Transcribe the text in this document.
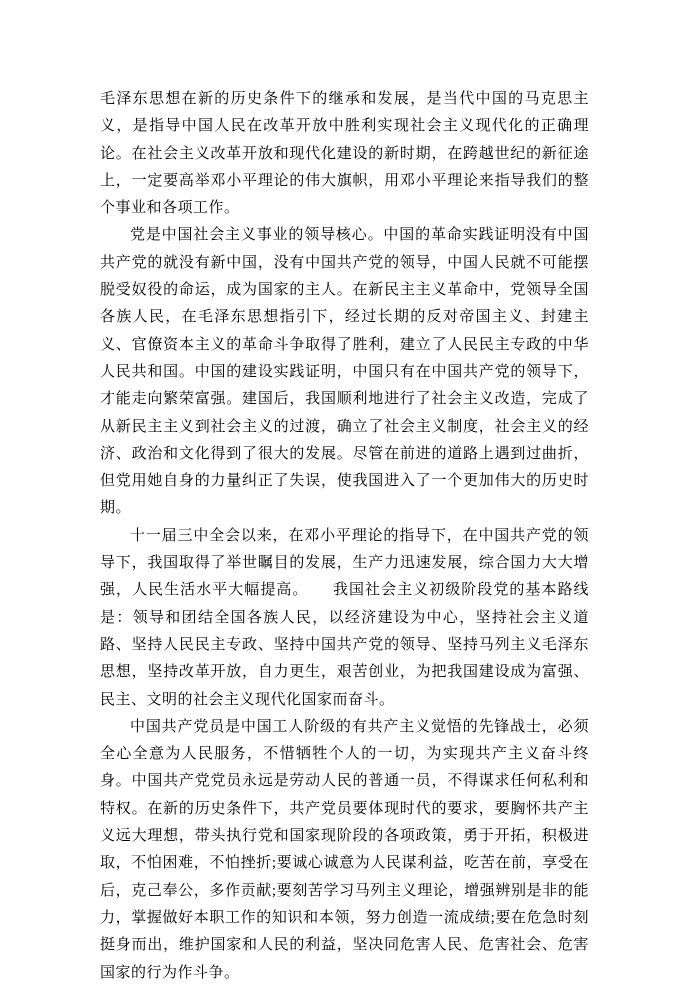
毛泽东思想在新的历史条件下的继承和发展，是当代中国的马克思主义，是指导中国人民在改革开放中胜利实现社会主义现代化的正确理论。在社会主义改革开放和现代化建设的新时期，在跨越世纪的新征途上，一定要高举邓小平理论的伟大旗帜，用邓小平理论来指导我们的整个事业和各项工作。

党是中国社会主义事业的领导核心。中国的革命实践证明没有中国共产党的就没有新中国，没有中国共产党的领导，中国人民就不可能摆脱受奴役的命运，成为国家的主人。在新民主主义革命中，党领导全国各族人民，在毛泽东思想指引下，经过长期的反对帝国主义、封建主义、官僚资本主义的革命斗争取得了胜利，建立了人民民主专政的中华人民共和国。中国的建设实践证明，中国只有在中国共产党的领导下，才能走向繁荣富强。建国后，我国顺利地进行了社会主义改造，完成了从新民主主义到社会主义的过渡，确立了社会主义制度，社会主义的经济、政治和文化得到了很大的发展。尽管在前进的道路上遇到过曲折，但党用她自身的力量纠正了失误，使我国进入了一个更加伟大的历史时期。

十一届三中全会以来，在邓小平理论的指导下，在中国共产党的领导下，我国取得了举世瞩目的发展，生产力迅速发展，综合国力大大增强，人民生活水平大幅提高。　　我国社会主义初级阶段党的基本路线是：领导和团结全国各族人民，以经济建设为中心，坚持社会主义道路、坚持人民民主专政、坚持中国共产党的领导、坚持马列主义毛泽东思想，坚持改革开放，自力更生，艰苦创业，为把我国建设成为富强、民主、文明的社会主义现代化国家而奋斗。

中国共产党员是中国工人阶级的有共产主义觉悟的先锋战士，必须全心全意为人民服务，不惜牺牲个人的一切，为实现共产主义奋斗终身。中国共产党党员永远是劳动人民的普通一员，不得谋求任何私利和特权。在新的历史条件下，共产党员要体现时代的要求，要胸怀共产主义远大理想，带头执行党和国家现阶段的各项政策，勇于开拓，积极进取，不怕困难，不怕挫折;要诚心诚意为人民谋利益，吃苦在前，享受在后，克己奉公，多作贡献;要刻苦学习马列主义理论，增强辨别是非的能力，掌握做好本职工作的知识和本领，努力创造一流成绩;要在危急时刻挺身而出，维护国家和人民的利益，坚决同危害人民、危害社会、危害国家的行为作斗争。
